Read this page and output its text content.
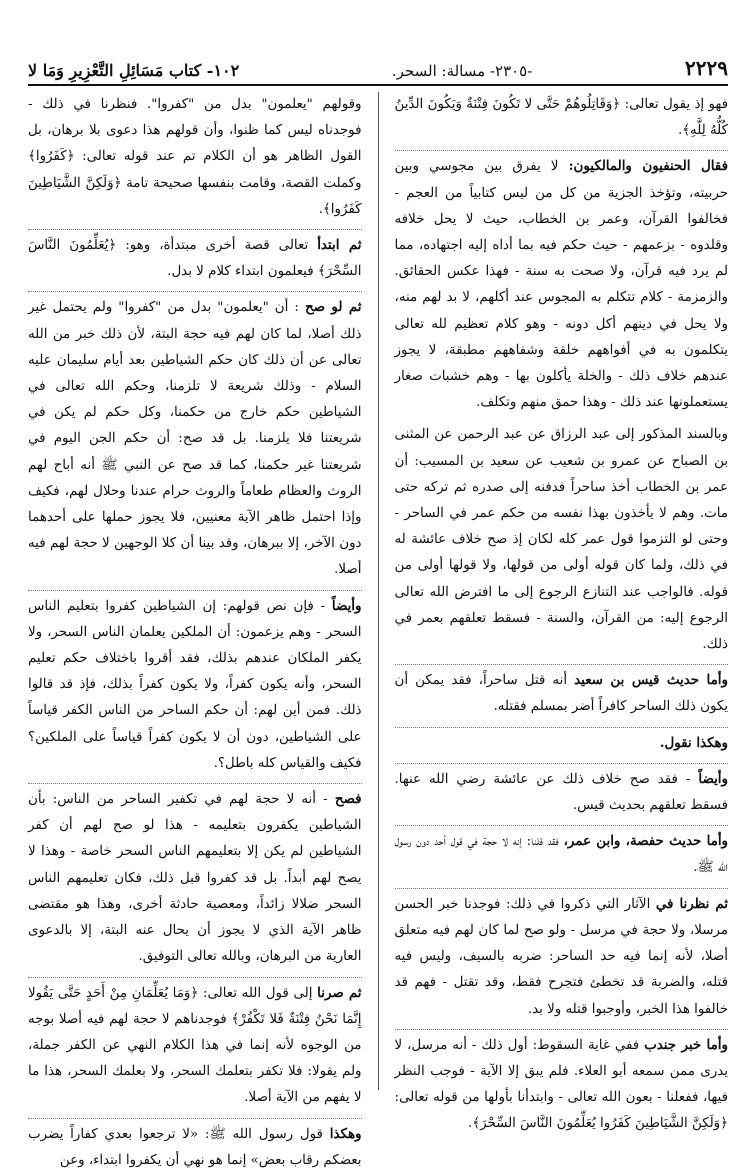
١٠٢- كتاب مَسَائِلِ التَّعْزِيرِ وَمَا لا	-٢٣٠٥- مسالة: السحر.	٢٢٢٩

فهو إذ يقول تعالى: ﴿وَقَاتِلُوهُمْ حَتَّى لا تَكُونَ فِتْنَةٌ وَيَكُونَ الدِّينُ كُلُّهُ لِلَّهِ﴾.

فقال الحنفيون والمالكيون: لا يفرق بين مجوسي وبين حربيته، وتؤخذ الجزية من كل من ليس كتابياً من العجم - فخالفوا القرآن، وعمر بن الخطاب، حيث لا يحل خلافه وقلدوه - بزعمهم - حيث حكم فيه بما أداه إليه اجتهاده، مما لم يرد فيه قرآن، ولا صحت به سنة - فهذا عكس الحقائق. والزمزمة - كلام تتكلم به المجوس عند أكلهم، لا بد لهم منه، ولا يحل في دينهم أكل دونه - وهو كلام تعظيم لله تعالى يتكلمون به في أفواههم خلقة وشفاههم مطبقة، لا يجوز عندهم خلاف ذلك - والخلة يأكلون بها - وهم خشبات صغار يستعملونها عند ذلك - وهذا حمق منهم وتكلف.

وبالسند المذكور إلى عبد الرزاق عن عبد الرحمن عن المثنى بن الصباح عن عمرو بن شعيب عن سعيد بن المسيب: أن عمر بن الخطاب أخذ ساحراً فدفنه إلى صدره ثم تركه حتى مات. وهم لا يأخذون بهذا نفسه من حكم عمر في الساحر - وحتى لو التزموا قول عمر كله لكان إذ صح خلاف عائشة له في ذلك، ولما كان قوله أولى من قولها، ولا قولها أولى من قوله. فالواجب عند التنازع الرجوع إلى ما افترض الله تعالى الرجوع إليه: من القرآن، والسنة - فسقط تعلقهم بعمر في ذلك.

وأما حديث قيس بن سعيد أنه قتل ساحراً، فقد يمكن أن يكون ذلك الساحر كافراً أضر بمسلم فقتله.

وهكذا نقول.

وأيضاً - فقد صح خلاف ذلك عن عائشة رضي الله عنها. فسقط تعلقهم بحديث قيس.

وأما حديث حفصة، وابن عمر، فقد قلنا: إنه لا حجة في قول أحد دون رسول الله ﷺ.

ثم نظرنا في الآثار التي ذكروا في ذلك: فوجدنا خبر الحسن مرسلا، ولا حجة في مرسل - ولو صح لما كان لهم فيه متعلق أصلا، لأنه إنما فيه حد الساحر: ضربه بالسيف، وليس فيه قتله، والضربة قد تخطئ فتجرح فقط، وقد تقتل - فهم قد خالفوا هذا الخبر، وأوجبوا قتله ولا بد.

وأما خبر جندب ففي غاية السقوط: أول ذلك - أنه مرسل، لا يدرى ممن سمعه أبو العلاء. فلم يبق إلا الآية - فوجب النظر فيها، ففعلنا - بعون الله تعالى - وابتدأنا بأولها من قوله تعالى: ﴿وَلَكِنَّ الشَّيَاطِينَ كَفَرُوا يُعَلِّمُونَ النَّاسَ السِّحْرَ﴾.

وقولهم "يعلمون" بدل من "كفروا". فنظرنا في ذلك - فوجدناه ليس كما ظنوا، وأن قولهم هذا دعوى بلا برهان، بل القول الظاهر هو أن الكلام تم عند قوله تعالى: ﴿كَفَرُوا﴾ وكملت القصة، وقامت بنفسها صحيحة تامة ﴿وَلَكِنَّ الشَّيَاطِينَ كَفَرُوا﴾.

ثم ابتدأ تعالى قصة أخرى مبتدأة، وهو: ﴿يُعَلِّمُونَ النَّاسَ السِّحْرَ﴾ فيعلمون ابتداء كلام لا بدل.

ثم لو صح : أن "يعلمون" بدل من "كفروا" ولم يحتمل غير ذلك أصلا، لما كان لهم فيه حجة البتة، لأن ذلك خبر من الله تعالى عن أن ذلك كان حكم الشياطين بعد أيام سليمان عليه السلام - وذلك شريعة لا تلزمنا، وحكم الله تعالى في الشياطين حكم خارج من حكمنا، وكل حكم لم يكن في شريعتنا فلا يلزمنا. بل قد صح: أن حكم الجن اليوم في شريعتنا غير حكمنا، كما قد صح عن النبي ﷺ أنه أباح لهم الروث والعظام طعاماً والروث حرام عندنا وحلال لهم، فكيف وإذا احتمل ظاهر الآية معنيين، فلا يجوز حملها على أحدهما دون الآخر، إلا ببرهان، وقد بينا أن كلا الوجهين لا حجة لهم فيه أصلا.

وأيضاً - فإن نص قولهم: إن الشياطين كفروا بتعليم الناس السحر - وهم يزعمون: أن الملكين يعلمان الناس السحر، ولا يكفر الملكان عندهم بذلك، فقد أقروا باختلاف حكم تعليم السحر، وأنه يكون كفراً، ولا يكون كفراً بذلك، فإذ قد قالوا ذلك. فمن أين لهم: أن حكم الساحر من الناس الكفر قياساً على الشياطين، دون أن لا يكون كفراً قياساً على الملكين؟ فكيف والقياس كله باطل؟.

فصح - أنه لا حجة لهم في تكفير الساحر من الناس: بأن الشياطين يكفرون بتعليمه - هذا لو صح لهم أن كفر الشياطين لم يكن إلا بتعليمهم الناس السحر خاصة - وهذا لا يصح لهم أبداً. بل قد كفروا قبل ذلك، فكان تعليمهم الناس السحر ضلالا زائداً، ومعصية حادثة أخرى، وهذا هو مقتضى ظاهر الآية الذي لا يجوز أن يحال عنه البتة، إلا بالدعوى العارية من البرهان، وبالله تعالى التوفيق.

ثم صرنا إلى قول الله تعالى: ﴿وَمَا يُعَلِّمَانِ مِنْ أَحَدٍ حَتَّى يَقُولا إِنَّمَا نَحْنُ فِتْنَةٌ فَلا تَكْفُرْ﴾ فوجدناهم لا حجة لهم فيه أصلا بوجه من الوجوه لأنه إنما في هذا الكلام النهي عن الكفر جملة، ولم يقولا: فلا تكفر بتعلمك السحر، ولا بعلمك السحر، هذا ما لا يفهم من الآية أصلا.

وهكذا قول رسول الله ﷺ: «لا ترجعوا بعدي كفاراً يضرب بعضكم رقاب بعض» إنما هو نهي أن يكفروا ابتداء، وعن
